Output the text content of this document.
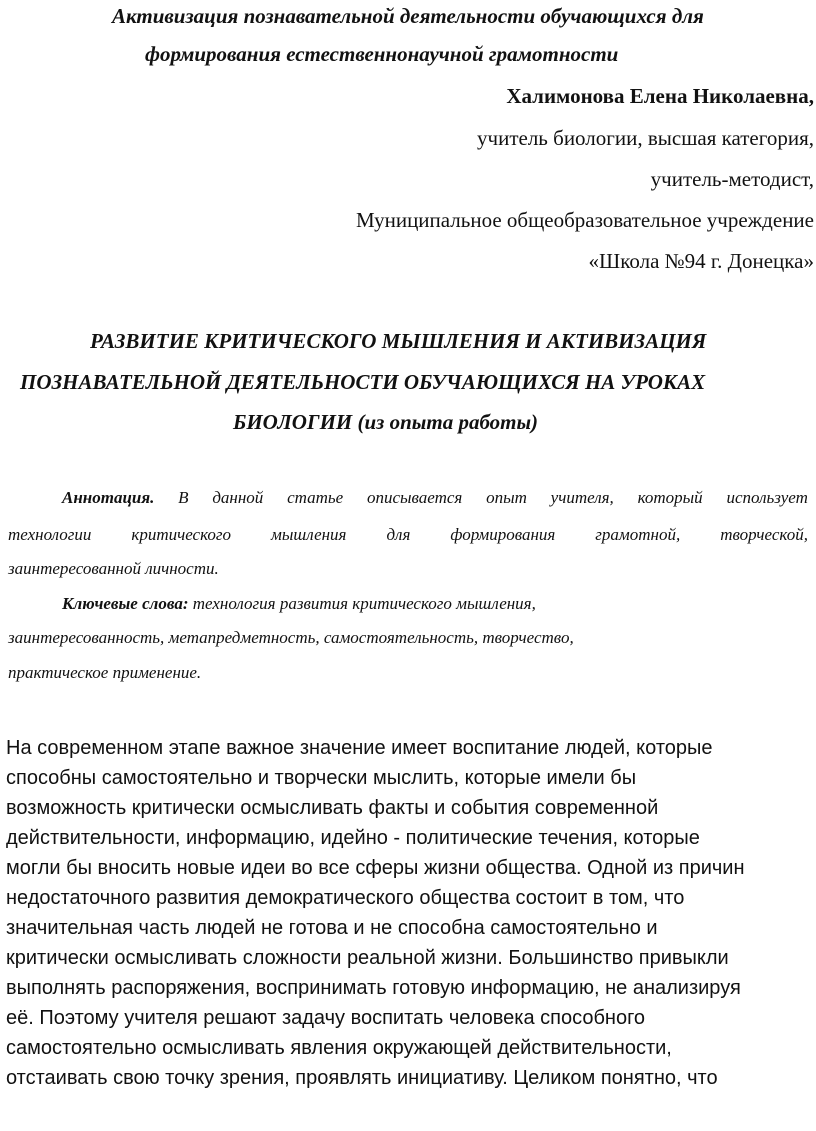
Активизация познавательной деятельности обучающихся для

формирования естественнонаучной грамотности

Халимонова Елена Николаевна,

учитель биологии, высшая категория,

учитель-методист,

Муниципальное общеобразовательное учреждение

«Школа №94 г. Донецка»

РАЗВИТИЕ КРИТИЧЕСКОГО МЫШЛЕНИЯ И АКТИВИЗАЦИЯ

ПОЗНАВАТЕЛЬНОЙ ДЕЯТЕЛЬНОСТИ ОБУЧАЮЩИХСЯ НА УРОКАХ

БИОЛОГИИ (из опыта работы)

Аннотация. В данной статье описывается опыт учителя, который использует
технологии критического мышления для формирования грамотной, творческой,

заинтересованной личности.

Ключевые слова: технология развития критического мышления,

заинтересованность, метапредметность, самостоятельность, творчество,

практическое применение.

На современном этапе важное значение имеет воспитание людей, которые

способны самостоятельно и творчески мыслить, которые имели бы

возможность критически осмысливать факты и события современной

действительности, информацию, идейно - политические течения, которые

могли бы вносить новые идеи во все сферы жизни общества. Одной из причин

недостаточного развития демократического общества состоит в том, что

значительная часть людей не готова и не способна самостоятельно и

критически осмысливать сложности реальной жизни. Большинство привыкли

выполнять распоряжения, воспринимать готовую информацию, не анализируя

её. Поэтому учителя решают задачу воспитать человека способного

самостоятельно осмысливать явления окружающей действительности,

отстаивать свою точку зрения, проявлять инициативу. Целиком понятно, что
